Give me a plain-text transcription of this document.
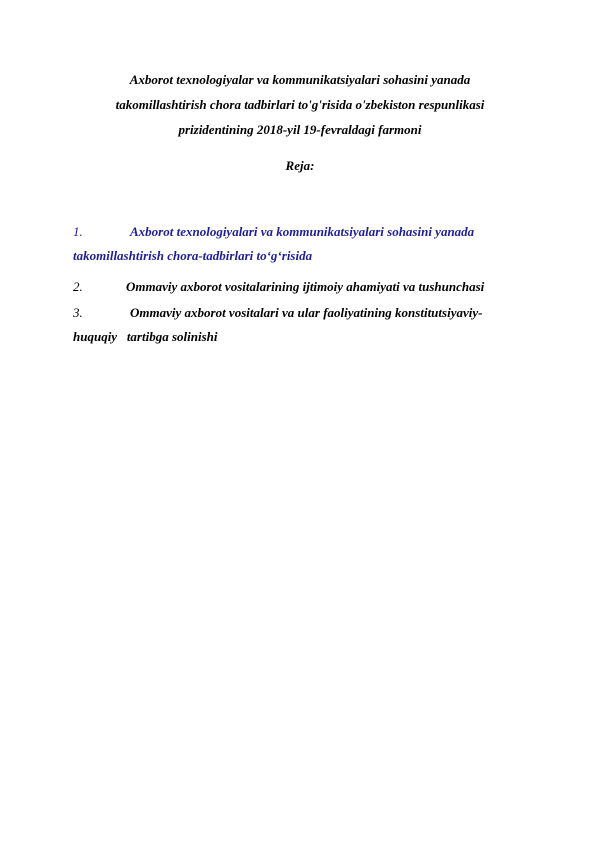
Axborot texnologiyalar va kommunikatsiyalari sohasini yanada

takomillashtirish chora tadbirlari to'g'risida o'zbekiston respunlikasi

prizidentining 2018-yil 19-fevraldagi farmoni

Reja:

1.	Axborot texnologiyalari va kommunikatsiyalari sohasini yanada
takomillashtirish chora-tadbirlari to‘g‘risida
2.	Ommaviy axborot vositalarining ijtimoiy ahamiyati va tushunchasi
3.	Ommaviy axborot vositalari va ular faoliyatining konstitutsiyaviy-
huquqiy   tartibga solinishi
